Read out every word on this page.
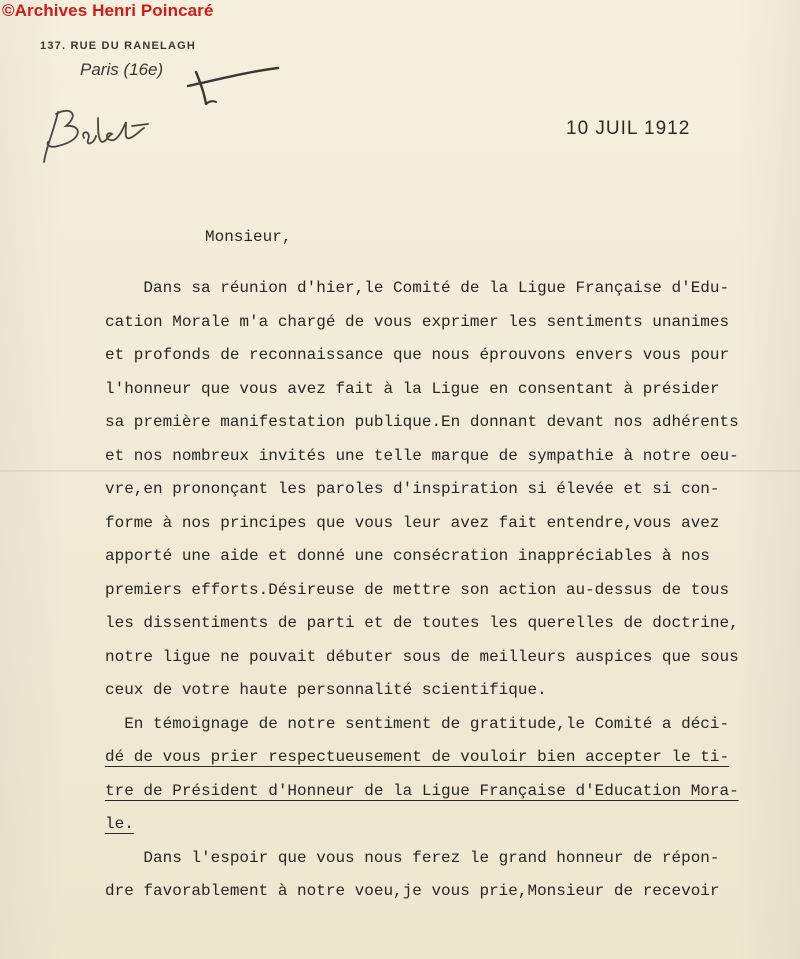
©Archives Henri Poincaré
137. RUE DU RANELAGH
Paris (16e)
10 JUIL 1912
Monsieur,
Dans sa réunion d'hier,le Comité de la Ligue Française d'Edu-
cation Morale m'a chargé de vous exprimer les sentiments unanimes
et profonds de reconnaissance que nous éprouvons envers vous pour
l'honneur que vous avez fait à la Ligue en consentant à présider
sa première manifestation publique.En donnant devant nos adhérents
et nos nombreux invités une telle marque de sympathie à notre oeu-
vre,en prononçant les paroles d'inspiration si élevée et si con-
forme à nos principes que vous leur avez fait entendre,vous avez
apporté une aide et donné une consécration inappréciables à nos
premiers efforts.Désireuse de mettre son action au-dessus de tous
les dissentiments de parti et de toutes les querelles de doctrine,
notre ligue ne pouvait débuter sous de meilleurs auspices que sous
ceux de votre haute personnalité scientifique.
En témoignage de notre sentiment de gratitude,le Comité a déci-
dé de vous prier respectueusement de vouloir bien accepter le ti-
tre de Président d'Honneur de la Ligue Française d'Education Mora-
le.
Dans l'espoir que vous nous ferez le grand honneur de répon-
dre favorablement à notre voeu,je vous prie,Monsieur de recevoir
